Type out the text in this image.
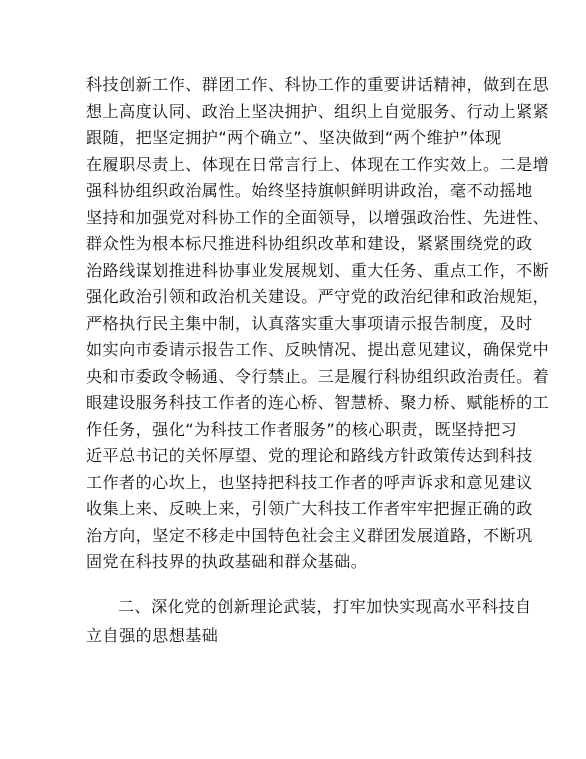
科技创新工作、群团工作、科协工作的重要讲话精神，做到在思
想上高度认同、政治上坚决拥护、组织上自觉服务、行动上紧紧
跟随，把坚定拥护“两个确立”、坚决做到“两个维护”体现
在履职尽责上、体现在日常言行上、体现在工作实效上。二是增
强科协组织政治属性。始终坚持旗帜鲜明讲政治，毫不动摇地
坚持和加强党对科协工作的全面领导，以增强政治性、先进性、
群众性为根本标尺推进科协组织改革和建设，紧紧围绕党的政
治路线谋划推进科协事业发展规划、重大任务、重点工作，不断
强化政治引领和政治机关建设。严守党的政治纪律和政治规矩，
严格执行民主集中制，认真落实重大事项请示报告制度，及时
如实向市委请示报告工作、反映情况、提出意见建议，确保党中
央和市委政令畅通、令行禁止。三是履行科协组织政治责任。着
眼建设服务科技工作者的连心桥、智慧桥、聚力桥、赋能桥的工
作任务，强化“为科技工作者服务”的核心职责，既坚持把习
近平总书记的关怀厚望、党的理论和路线方针政策传达到科技
工作者的心坎上，也坚持把科技工作者的呼声诉求和意见建议
收集上来、反映上来，引领广大科技工作者牢牢把握正确的政
治方向，坚定不移走中国特色社会主义群团发展道路，不断巩
固党在科技界的执政基础和群众基础。
二、深化党的创新理论武装，打牢加快实现高水平科技自
立自强的思想基础
